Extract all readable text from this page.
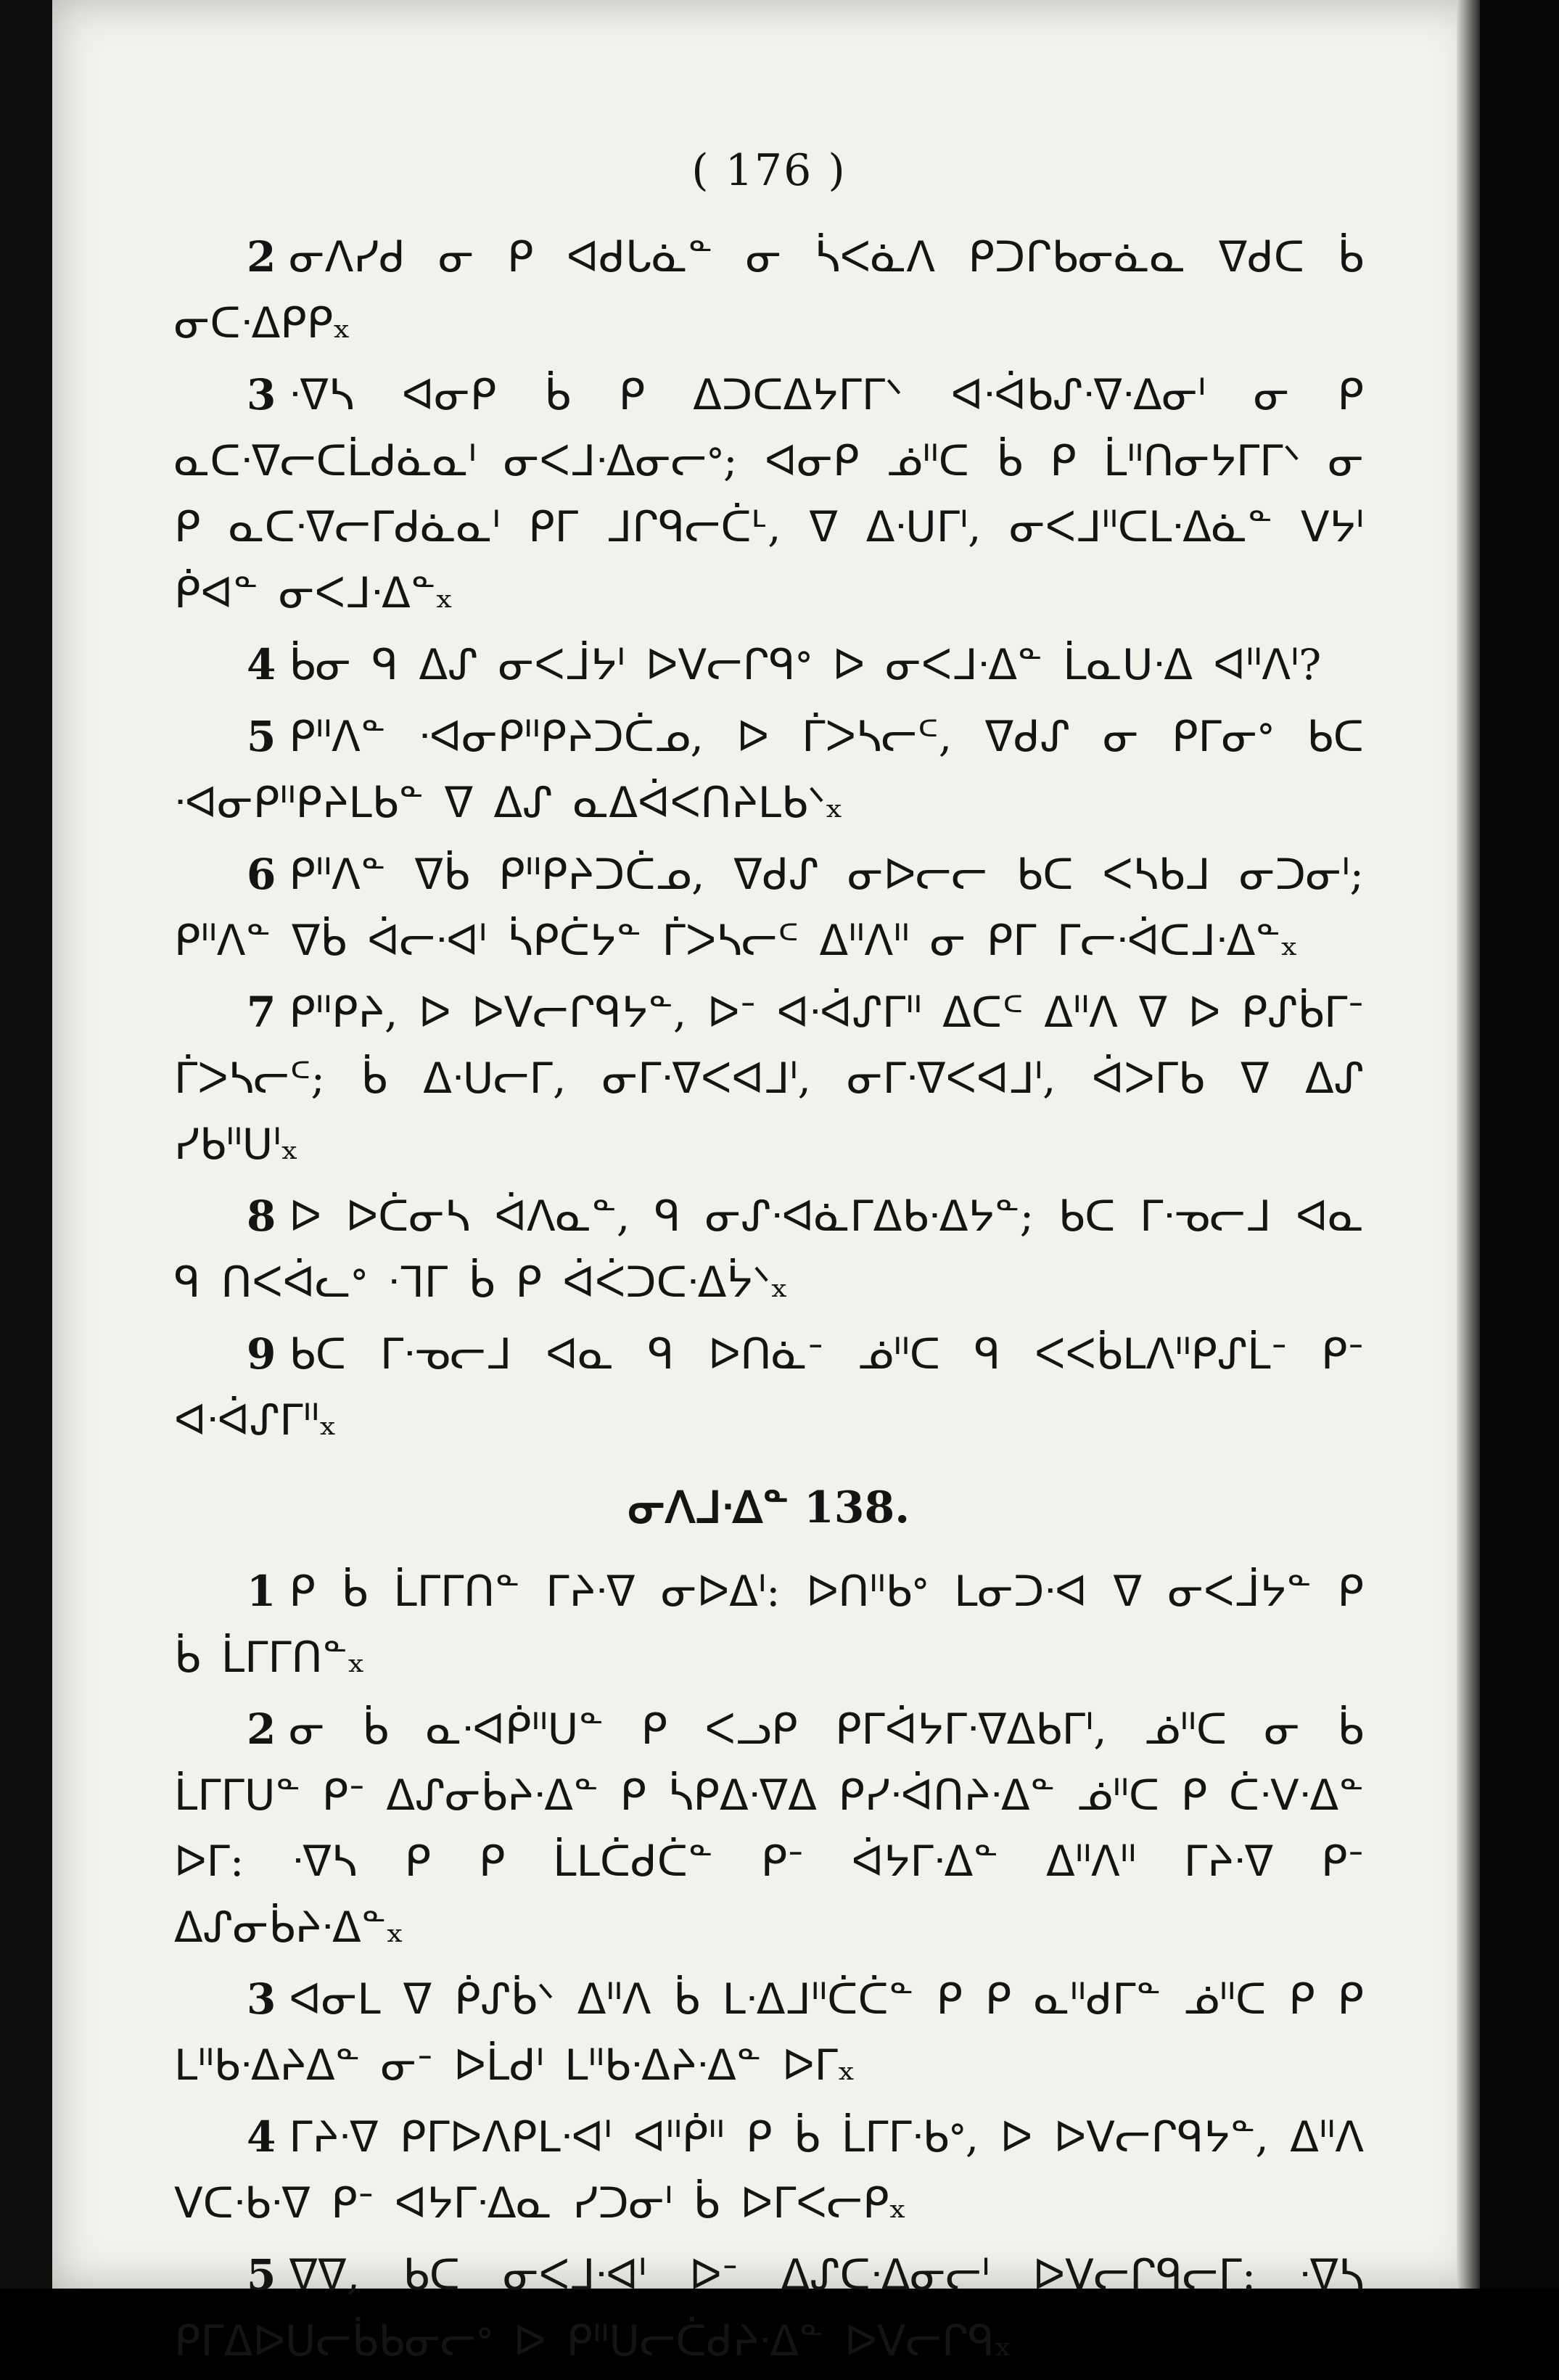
( 176 )

2 ᓂᐱᓯᑯ ᓂ ᑭ ᐊᑯᒐᓈᓐ ᓂ ᓵᐸᓈᐱ ᑭᑐᒋᑲᓂᓈᓇ ᐁᑯᑕ ᑳ ᓂᑕᐧᐃᑭᑭₓ

3 ᐧᐁᓴ ᐊᓂᑭ ᑳ ᑭ ᐃᑐᑕᐃᔭᒥᒥᐠ ᐊᐧᐋᑲᔑᐧᐁᐧᐃᓂᑊ ᓂ ᑭ ᓇᑕᐧᐁᓕᑕᒫᑯᓈᓇᑊ ᓂᐸᒧᐧᐃᓂᓕᐤ; ᐊᓂᑭ ᓅᐦᑕ ᑳ ᑭ ᒫᐦᑎᓂᔭᒥᒥᐠ ᓂ ᑭ ᓇᑕᐧᐁᓕᒥᑯᓈᓇᑊ ᑭᒥ ᒧᒋᑫᓕᑖᒻ, ᐁ ᐃᐧᑌᒥᑊ, ᓂᐸᒧᐦᑕᒪᐧᐃᓈᓐ ᐯᔭᑊ ᑮᐊᓐ ᓂᐸᒧᐧᐃᓐₓ

4 ᑳᓂ ᑫ ᐃᔑ ᓂᐸᒨᔭᑊ ᐅᐯᓕᒋᑫᐤ ᐅ ᓂᐸᒧᐧᐃᓐ ᒫᓇᑌᐧᐃ ᐊᐦᐱᑊ?

5 ᑭᐦᐱᓐ ᐧᐊᓂᑭᐦᑭᔨᑐᑖᓄ, ᐅ ᒦᐳᓴᓕᒼ, ᐁᑯᔑ ᓂ ᑭᒥᓂᐤ ᑲᑕ ᐧᐊᓂᑭᐦᑭᔨᒪᑲᓐ ᐁ ᐃᔑ ᓇᐃᐋᐸᑎᔨᒪᑲᐠₓ

6 ᑭᐦᐱᓐ ᐁᑳ ᑭᐦᑭᔨᑐᑖᓄ, ᐁᑯᔑ ᓂᐅᓕᓕ ᑲᑕ ᐸᓴᑲᒧ ᓂᑐᓂᑊ; ᑭᐦᐱᓐ ᐁᑳ ᐋᓕᐧᐊᑊ ᓵᑭᑖᔭᓐ ᒦᐳᓴᓕᒼ ᐃᐦᐱᐦ ᓂ ᑭᒥ ᒥᓕᐧᐋᑕᒧᐧᐃᓐₓ

7 ᑭᐦᑭᔨ, ᐅ ᐅᐯᓕᒋᑫᔭᓐ, ᐅᐨ ᐊᐧᐋᔑᒥᐦ ᐃᑕᒼ ᐃᐦᐱ ᐁ ᐅ ᑭᔑᑳᒥᐨ ᒦᐳᓴᓕᒼ; ᑳ ᐃᐧᑌᓕᒥ, ᓂᒥᐧᐁᐸᐊᒧᑊ, ᓂᒥᐧᐁᐸᐊᒧᑊ, ᐋᐳᒥᑲ ᐁ ᐃᔑ ᓯᑲᐦᑌᑊₓ

8 ᐅ ᐅᑖᓂᓴ ᐋᐱᓇᓐ, ᑫ ᓂᔑᐧᐊᓈᒥᐃᑲᐧᐃᔭᓐ; ᑲᑕ ᒥᐧᓀᓕᒧ ᐊᓇ ᑫ ᑎᐸᐋᓚᐤ ᐧᒣᒥ ᑳ ᑭ ᐋᐹᑐᑕᐧᐃᔮᐠₓ

9 ᑲᑕ ᒥᐧᓀᓕᒧ ᐊᓇ ᑫ ᐅᑎᓈᐨ ᓅᐦᑕ ᑫ ᐸᐸᑳᒪᐱᐦᑭᔑᒫᐨ ᑭᐨ ᐊᐧᐋᔑᒥᐦₓ

ᓂᐱᒧᐧᐃᓐ 138.

1 ᑭ ᑳ ᒫᒥᒥᑎᓐ ᒥᔨᐧᐁ ᓂᐅᐃᑊ: ᐅᑎᐦᑲᐤ ᒪᓂᑐᐧᐊ ᐁ ᓂᐸᒨᔭᓐ ᑭ ᑳ ᒫᒥᒥᑎᓐₓ

2 ᓂ ᑳ ᓇᐧᐊᑮᐦᑌᓐ ᑭ ᐸᓗᑭ ᑭᒥᐋᔭᒥᐧᐁᐃᑲᒥᑊ, ᓅᐦᑕ ᓂ ᑳ ᒫᒥᒥᑌᓐ ᑭᐨ ᐃᔑᓂᑳᔨᐧᐃᓐ ᑭ ᓵᑭᐃᐧᐁᐃ ᑭᓯᐧᐋᑎᔨᐧᐃᓐ ᓅᐦᑕ ᑭ ᑖᐧᐯᐧᐃᓐ ᐅᒥ: ᐧᐁᓴ ᑭ ᑭ ᒫᒪᑖᑯᑖᓐ ᑭᐨ ᐋᔭᒥᐧᐃᓐ ᐃᐦᐱᐦ ᒥᔨᐧᐁ ᑭᐨ ᐃᔑᓂᑳᔨᐧᐃᓐₓ

3 ᐊᓂᒪ ᐁ ᑮᔑᑳᐠ ᐃᐦᐱ ᑳ ᒪᐧᐃᒧᐦᑖᑖᓐ ᑭ ᑭ ᓇᐦᑯᒥᓐ ᓅᐦᑕ ᑭ ᑭ ᒪᐦᑲᐧᐃᔨᐃᓐ ᓂᐨ ᐅᒫᑯᑊ ᒪᐦᑲᐧᐃᔨᐧᐃᓐ ᐅᒥₓ

4 ᒥᔨᐧᐁ ᑭᒥᐅᐱᑭᒪᐧᐊᑊ ᐊᐦᑮᐦ ᑭ ᑳ ᒫᒥᒥᐧᑲᐤ, ᐅ ᐅᐯᓕᒋᑫᔭᓐ, ᐃᐦᐱ ᐯᑕᐧᑲᐧᐁ ᑭᐨ ᐊᔭᒥᐧᐃᓇ ᓯᑐᓂᑊ ᑳ ᐅᒥᐸᓕᑭₓ

5 ᐁᐁ, ᑲᑕ ᓂᐸᒧᐧᐊᑊ ᐅᐨ ᐃᔑᑕᐧᐃᓂᓕᑊ ᐅᐯᓕᒋᑫᓕᒥ: ᐧᐁᓴ ᑭᒥᐃᐅᑌᓕᑳᑲᓂᓕᐤ ᐅ ᑭᐦᑌᓕᑖᑯᔨᐧᐃᓐ ᐅᐯᓕᒋᑫₓ
